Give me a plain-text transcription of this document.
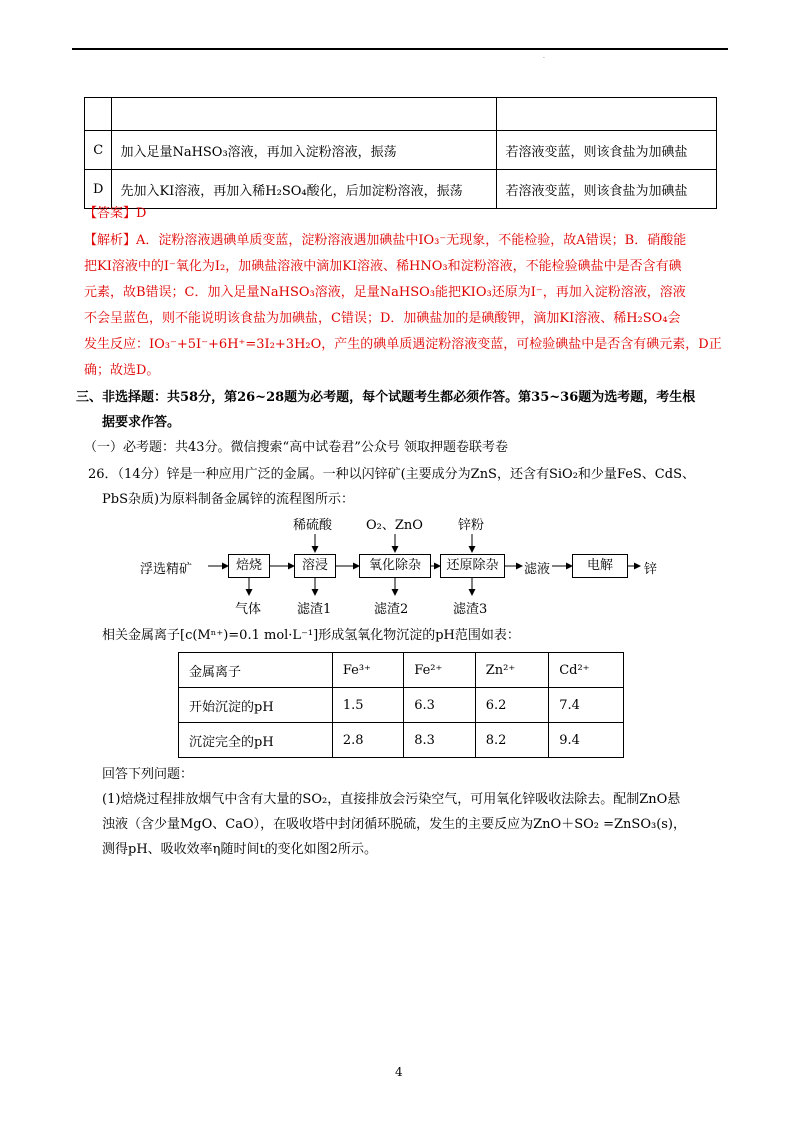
·

C	加入足量NaHSO₃溶液，再加入淀粉溶液，振荡	若溶液变蓝，则该食盐为加碘盐
D	先加入KI溶液，再加入稀H₂SO₄酸化，后加淀粉溶液，振荡	若溶液变蓝，则该食盐为加碘盐
【答案】D
【解析】A．淀粉溶液遇碘单质变蓝，淀粉溶液遇加碘盐中IO₃⁻无现象，不能检验，故A错误；B．硝酸能
把KI溶液中的I⁻氧化为I₂，加碘盐溶液中滴加KI溶液、稀HNO₃和淀粉溶液，不能检验碘盐中是否含有碘
元素，故B错误；C．加入足量NaHSO₃溶液，足量NaHSO₃能把KIO₃还原为I⁻，再加入淀粉溶液，溶液
不会呈蓝色，则不能说明该食盐为加碘盐，C错误；D．加碘盐加的是碘酸钾，滴加KI溶液、稀H₂SO₄会
发生反应：IO₃⁻+5I⁻+6H⁺=3I₂+3H₂O，产生的碘单质遇淀粉溶液变蓝，可检验碘盐中是否含有碘元素，D正
确；故选D。
三、非选择题：共58分，第26~28题为必考题，每个试题考生都必须作答。第35~36题为选考题，考生根
据要求作答。
（一）必考题：共43分。微信搜索“高中试卷君”公众号 领取押题卷联考卷
26．（14分）锌是一种应用广泛的金属。一种以闪锌矿(主要成分为ZnS，还含有SiO₂和少量FeS、CdS、
PbS杂质)为原料制备金属锌的流程图所示：
浮选精矿	焙烧	溶浸	氧化除杂	还原除杂	滤液	电解	锌
稀硫酸	O₂、ZnO	锌粉
气体	滤渣1	滤渣2	滤渣3
相关金属离子[c(Mⁿ⁺)=0.1 mol·L⁻¹]形成氢氧化物沉淀的pH范围如表：
金属离子	Fe³⁺	Fe²⁺	Zn²⁺	Cd²⁺
开始沉淀的pH	1.5	6.3	6.2	7.4
沉淀完全的pH	2.8	8.3	8.2	9.4
回答下列问题：
(1)焙烧过程排放烟气中含有大量的SO₂，直接排放会污染空气，可用氧化锌吸收法除去。配制ZnO悬
浊液（含少量MgO、CaO），在吸收塔中封闭循环脱硫，发生的主要反应为ZnO＋SO₂ =ZnSO₃(s)，
测得pH、吸收效率η随时间t的变化如图2所示。
4
